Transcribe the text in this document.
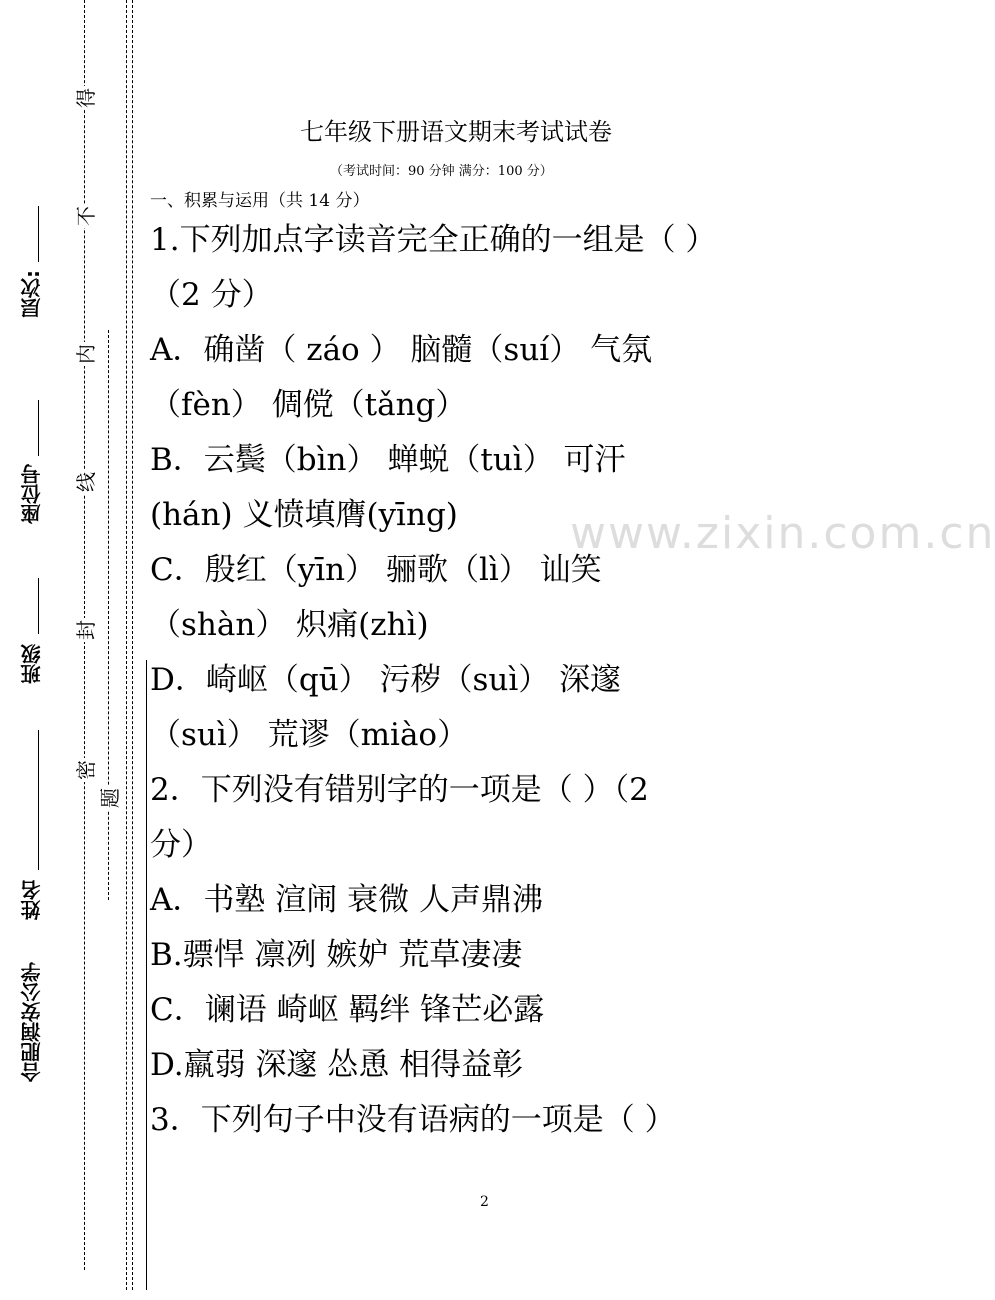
得
不
内
线
封
密
题
合肥润安公学
姓名
班级
座位号
层次:
七年级下册语文期末考试试卷
（考试时间：90 分钟 满分：100 分）
一、积累与运用（共 14 分）
1.下列加点字读音完全正确的一组是（ ）
（2 分）
A．确凿（ záo ） 脑髓（suí） 气氛
（fèn） 倜傥（tǎng）
B．云鬓（bìn） 蝉蜕（tuì） 可汗
(hán) 义愤填膺(yīng)
C．殷红（yīn） 骊歌（lì） 讪笑
（shàn） 炽痛(zhì)
D．崎岖（qū） 污秽（suì） 深邃
（suì） 荒谬（miào）
2．下列没有错别字的一项是（ ）（2
分）
A．书塾 渲闹 衰微 人声鼎沸
B.骠悍 凛冽 嫉妒 荒草凄凄
C．谰语 崎岖 羁绊 锋芒必露
D.羸弱 深邃 怂恿 相得益彰
3．下列句子中没有语病的一项是（ ）
www.zixin.com.cn
2
